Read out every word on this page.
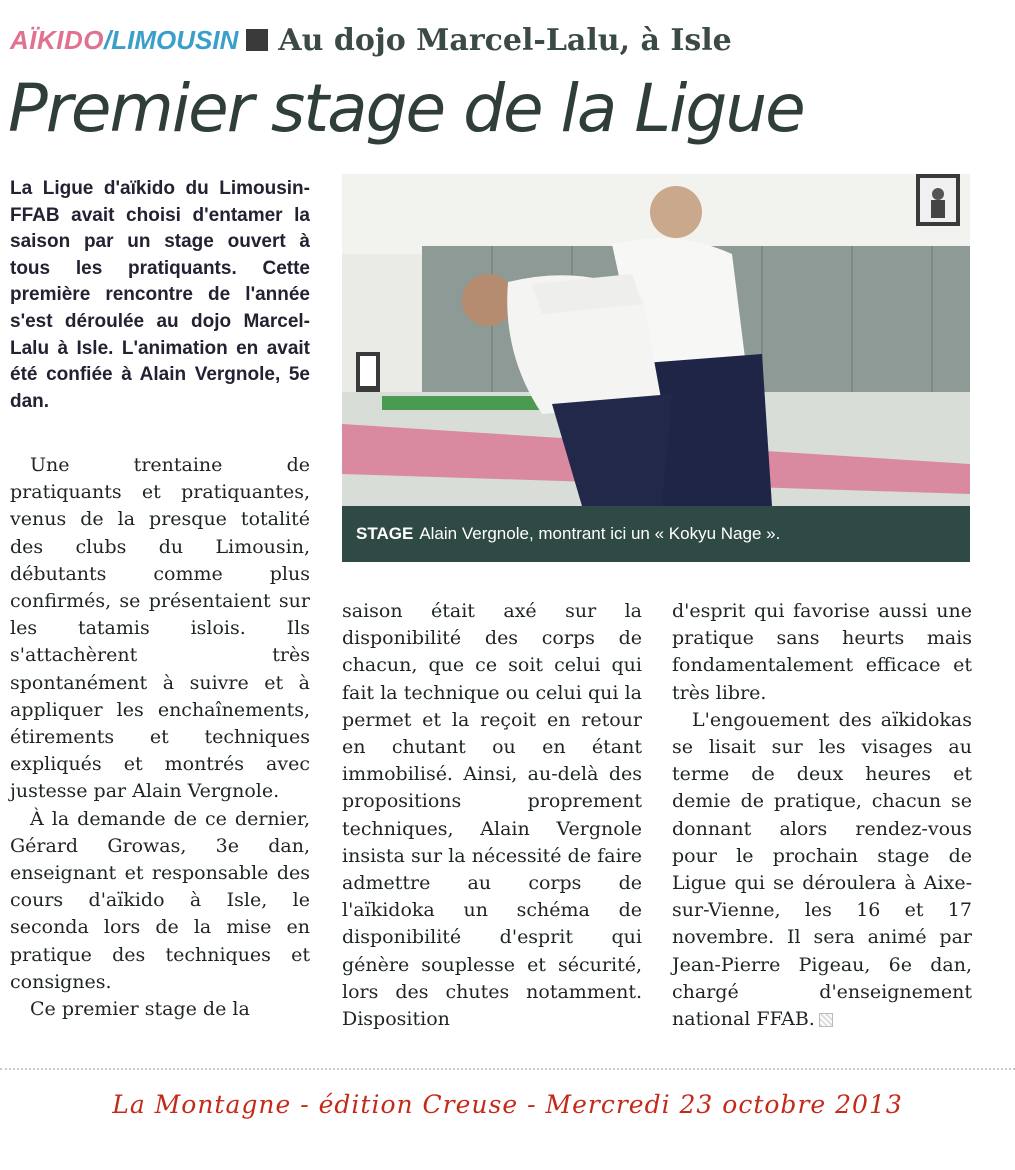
AÏKIDO / LIMOUSIN Au dojo Marcel-Lalu, à Isle
Premier stage de la Ligue
La Ligue d'aïkido du Limousin-FFAB avait choisi d'entamer la saison par un stage ouvert à tous les pratiquants. Cette première rencontre de l'année s'est déroulée au dojo Marcel-Lalu à Isle. L'animation en avait été confiée à Alain Vergnole, 5e dan.
STAGE Alain Vergnole, montrant ici un « Kokyu Nage ».

Une trentaine de pratiquants et pratiquantes, venus de la presque totalité des clubs du Limousin, débutants comme plus confirmés, se présentaient sur les tatamis islois. Ils s'attachèrent très spontanément à suivre et à appliquer les enchaînements, étirements et techniques expliqués et montrés avec justesse par Alain Vergnole.

À la demande de ce dernier, Gérard Growas, 3e dan, enseignant et responsable des cours d'aïkido à Isle, le seconda lors de la mise en pratique des techniques et consignes.

Ce premier stage de la

saison était axé sur la disponibilité des corps de chacun, que ce soit celui qui fait la technique ou celui qui la permet et la reçoit en retour en chutant ou en étant immobilisé. Ainsi, au-delà des propositions proprement techniques, Alain Vergnole insista sur la nécessité de faire admettre au corps de l'aïkidoka un schéma de disponibilité d'esprit qui génère souplesse et sécurité, lors des chutes notamment. Disposition

d'esprit qui favorise aussi une pratique sans heurts mais fondamentalement efficace et très libre.

L'engouement des aïkidokas se lisait sur les visages au terme de deux heures et demie de pratique, chacun se donnant alors rendez-vous pour le prochain stage de Ligue qui se déroulera à Aixe-sur-Vienne, les 16 et 17 novembre. Il sera animé par Jean-Pierre Pigeau, 6e dan, chargé d'enseignement national FFAB.

La Montagne - édition Creuse - Mercredi 23 octobre 2013
